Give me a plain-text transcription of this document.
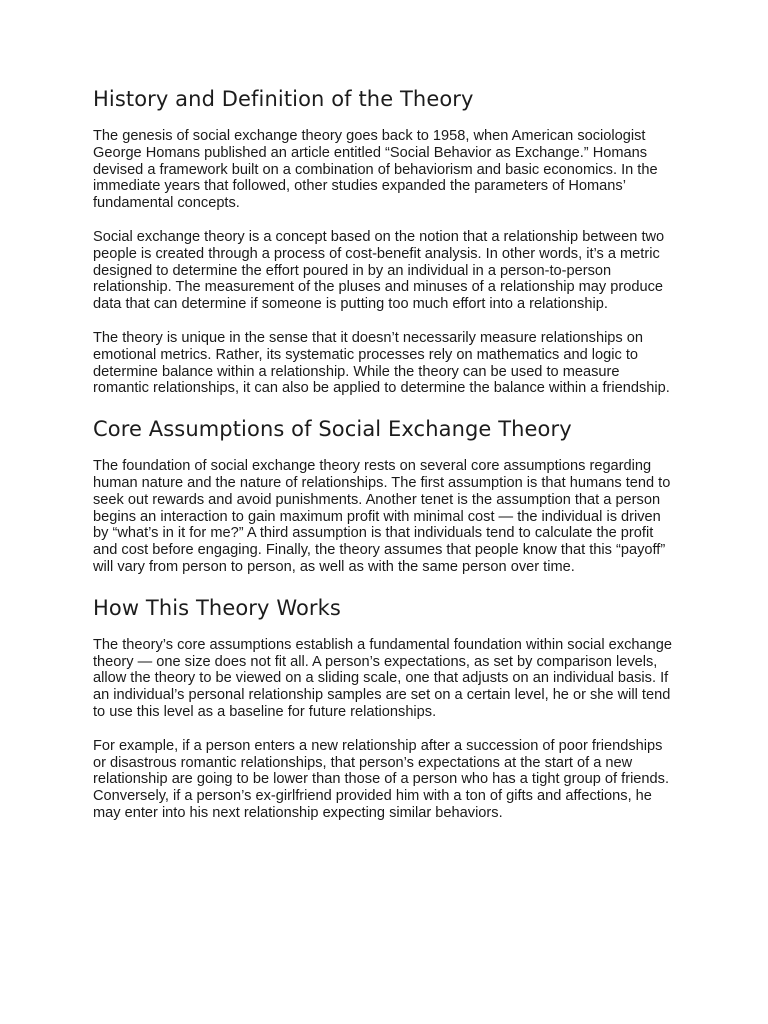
History and Definition of the Theory

The genesis of social exchange theory goes back to 1958, when American sociologist George Homans published an article entitled “Social Behavior as Exchange.” Homans devised a framework built on a combination of behaviorism and basic economics. In the immediate years that followed, other studies expanded the parameters of Homans’ fundamental concepts.

Social exchange theory is a concept based on the notion that a relationship between two people is created through a process of cost-benefit analysis. In other words, it’s a metric designed to determine the effort poured in by an individual in a person-to-person relationship. The measurement of the pluses and minuses of a relationship may produce data that can determine if someone is putting too much effort into a relationship.

The theory is unique in the sense that it doesn’t necessarily measure relationships on emotional metrics. Rather, its systematic processes rely on mathematics and logic to determine balance within a relationship. While the theory can be used to measure romantic relationships, it can also be applied to determine the balance within a friendship.

Core Assumptions of Social Exchange Theory

The foundation of social exchange theory rests on several core assumptions regarding human nature and the nature of relationships. The first assumption is that humans tend to seek out rewards and avoid punishments. Another tenet is the assumption that a person begins an interaction to gain maximum profit with minimal cost — the individual is driven by “what’s in it for me?” A third assumption is that individuals tend to calculate the profit and cost before engaging. Finally, the theory assumes that people know that this “payoff” will vary from person to person, as well as with the same person over time.

How This Theory Works

The theory’s core assumptions establish a fundamental foundation within social exchange theory — one size does not fit all. A person’s expectations, as set by comparison levels, allow the theory to be viewed on a sliding scale, one that adjusts on an individual basis. If an individual’s personal relationship samples are set on a certain level, he or she will tend to use this level as a baseline for future relationships.

For example, if a person enters a new relationship after a succession of poor friendships or disastrous romantic relationships, that person’s expectations at the start of a new relationship are going to be lower than those of a person who has a tight group of friends. Conversely, if a person’s ex-girlfriend provided him with a ton of gifts and affections, he may enter into his next relationship expecting similar behaviors.
